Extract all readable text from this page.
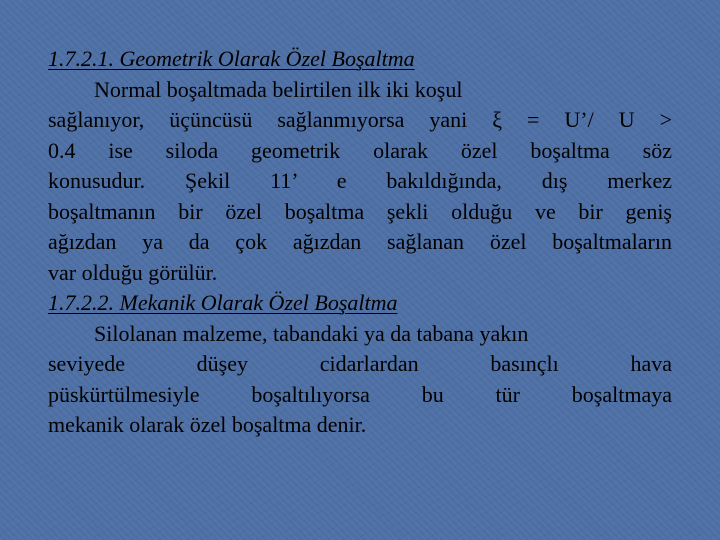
1.7.2.1. Geometrik Olarak Özel Boşaltma
Normal boşaltmada belirtilen ilk iki koşul
sağlanıyor, üçüncüsü sağlanmıyorsa yani ξ = U’/ U >
0.4 ise siloda geometrik olarak özel boşaltma söz
konusudur. Şekil 11’ e bakıldığında, dış merkez
boşaltmanın bir özel boşaltma şekli olduğu ve bir geniş
ağızdan ya da çok ağızdan sağlanan özel boşaltmaların
var olduğu görülür.
1.7.2.2. Mekanik Olarak Özel Boşaltma
Silolanan malzeme, tabandaki ya da tabana yakın
seviyede düşey cidarlardan basınçlı hava
püskürtülmesiyle boşaltılıyorsa bu tür boşaltmaya
mekanik olarak özel boşaltma denir.
